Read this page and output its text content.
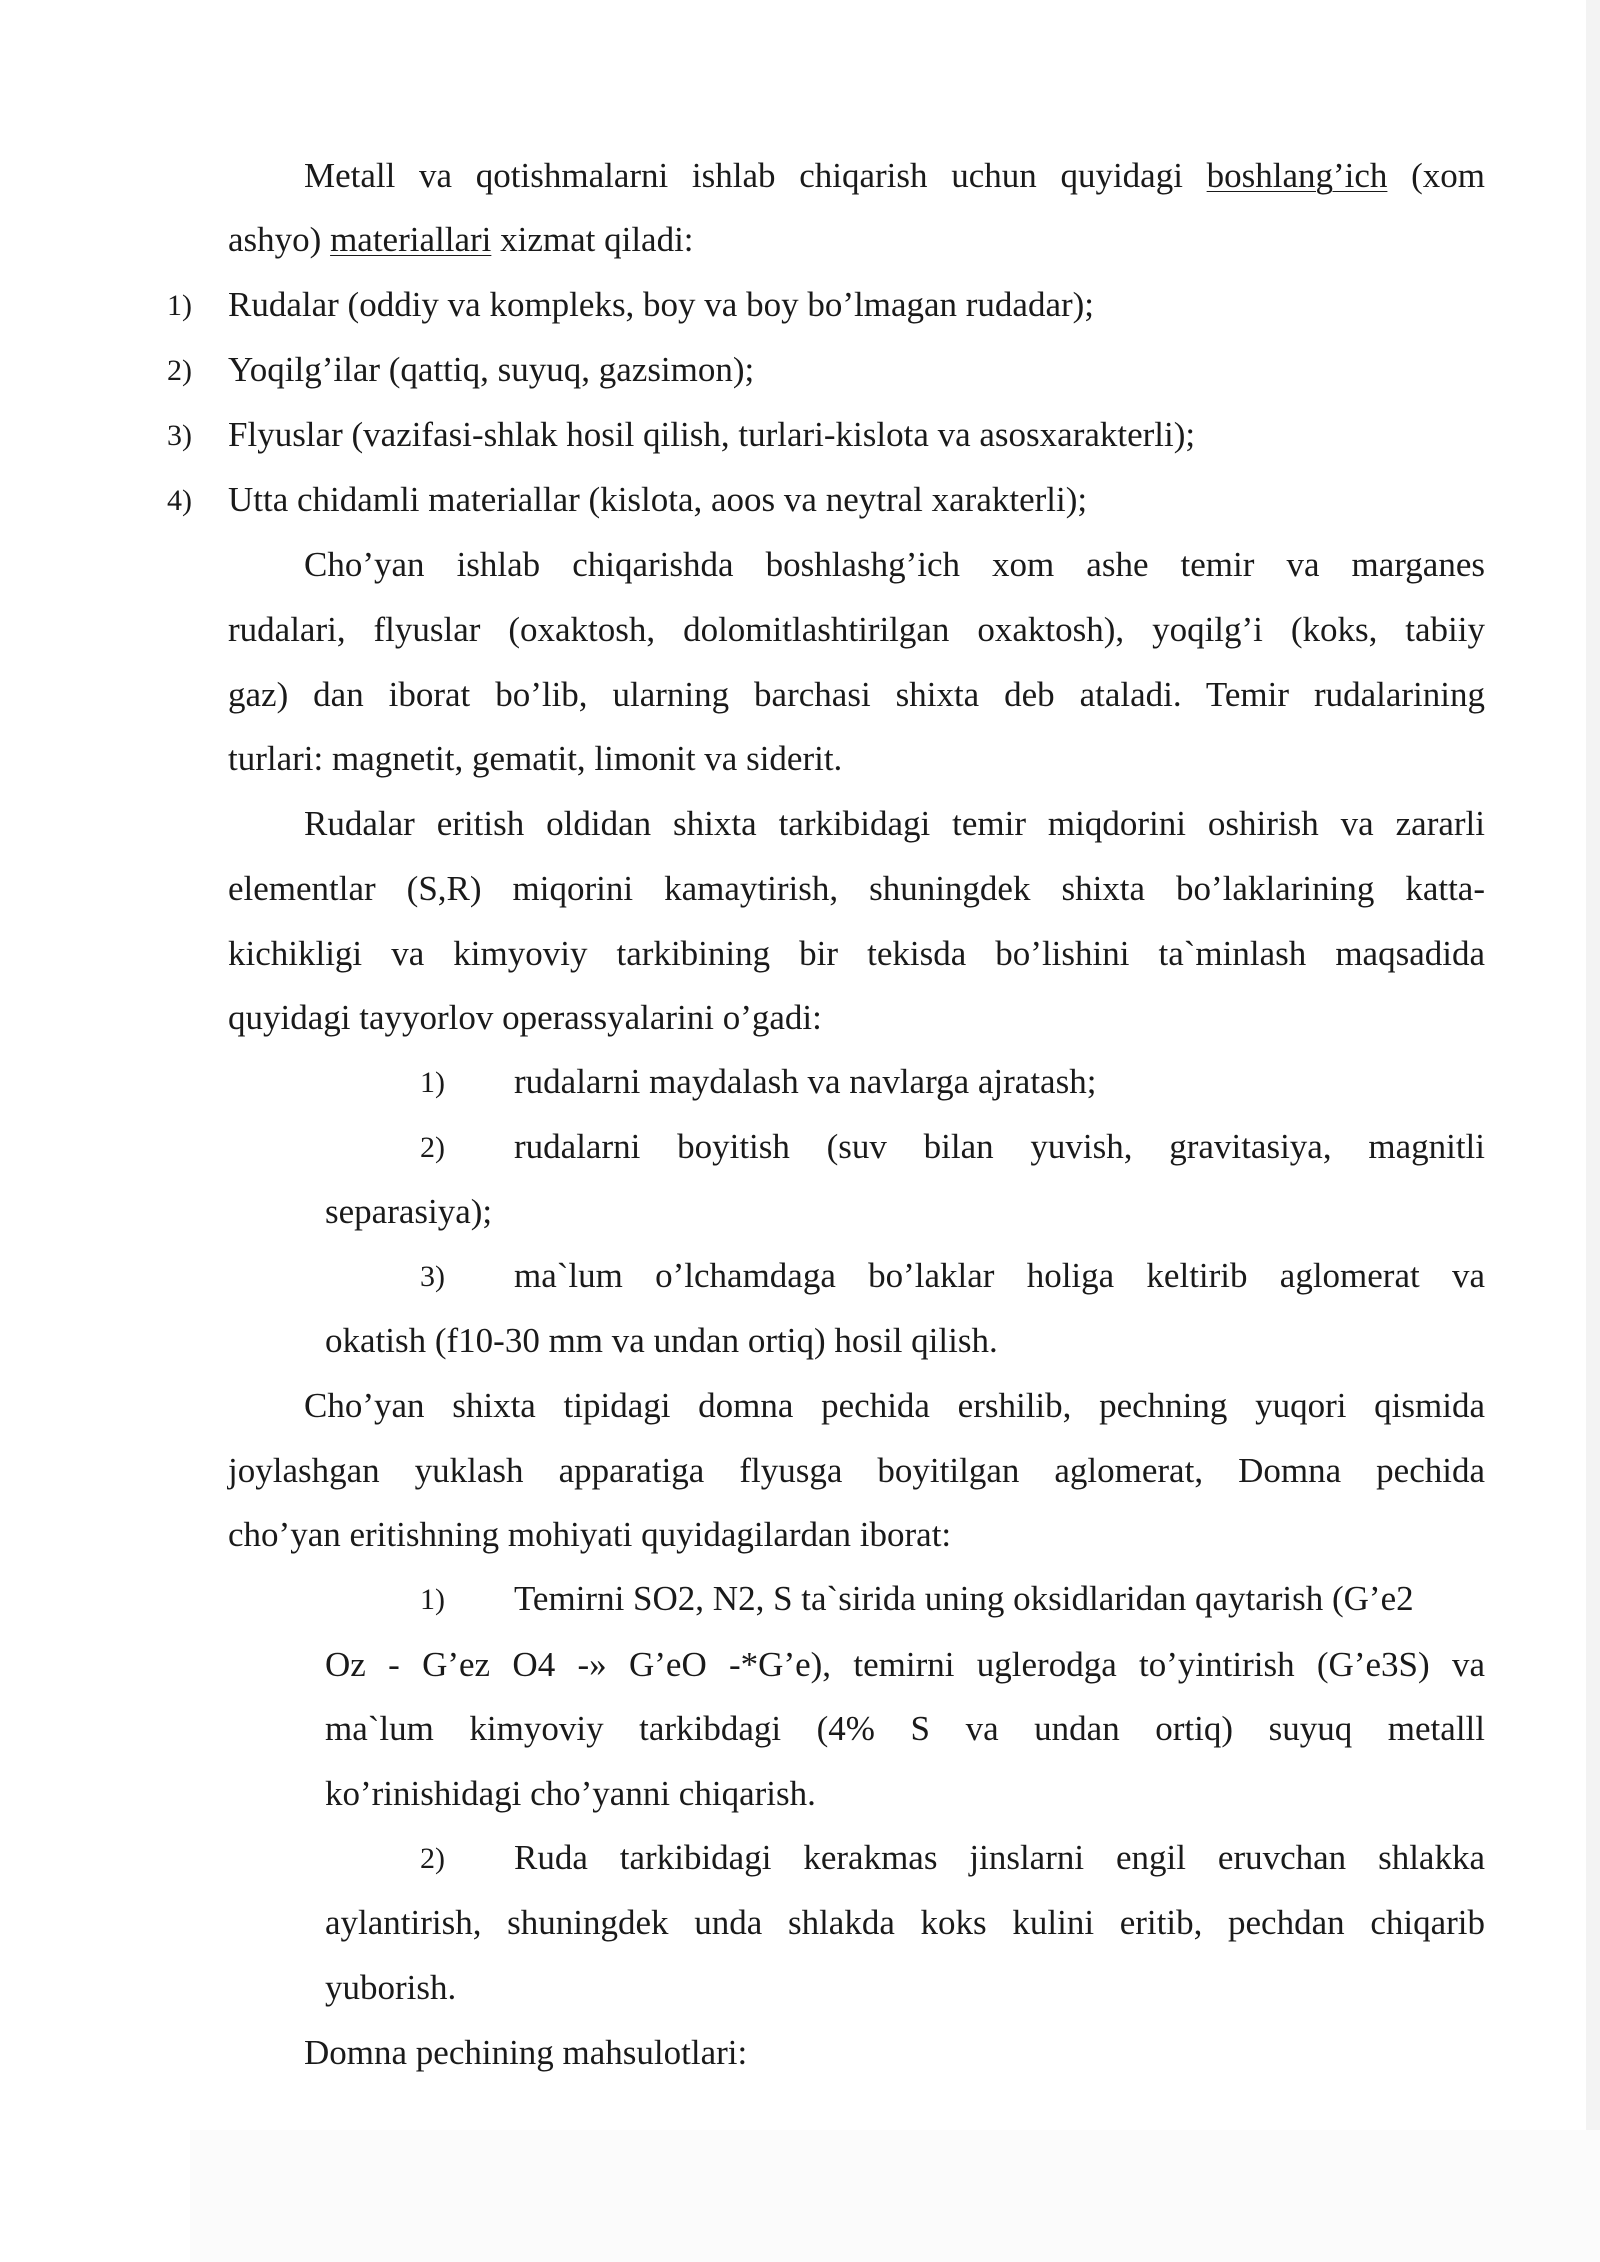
Metall va qotishmalarni ishlab chiqarish uchun quyidagi boshlang’ich (xom
ashyo) materiallari xizmat qiladi:
1) Rudalar (oddiy va kompleks, boy va boy bo’lmagan rudadar);
2) Yoqilg’ilar (qattiq, suyuq, gazsimon);
3) Flyuslar (vazifasi-shlak hosil qilish, turlari-kislota va asosxarakterli);
4) Utta chidamli materiallar (kislota, aoos va neytral xarakterli);
Cho’yan ishlab chiqarishda boshlashg’ich xom ashe temir va marganes
rudalari, flyuslar (oxaktosh, dolomitlashtirilgan oxaktosh), yoqilg’i (koks, tabiiy
gaz) dan iborat bo’lib, ularning barchasi shixta deb ataladi. Temir rudalarining
turlari: magnetit, gematit, limonit va siderit.
Rudalar eritish oldidan shixta tarkibidagi temir miqdorini oshirish va zararli
elementlar (S,R) miqorini kamaytirish, shuningdek shixta bo’laklarining katta-
kichikligi va kimyoviy tarkibining bir tekisda bo’lishini ta`minlash maqsadida
quyidagi tayyorlov operassyalarini o’gadi:
1) rudalarni maydalash va navlarga ajratash;
2) rudalarni boyitish (suv bilan yuvish, gravitasiya, magnitli
separasiya);
3) ma`lum o’lchamdaga bo’laklar holiga keltirib aglomerat va
okatish (f10-30 mm va undan ortiq) hosil qilish.
Cho’yan shixta tipidagi domna pechida ershilib, pechning yuqori qismida
joylashgan yuklash apparatiga flyusga boyitilgan aglomerat, Domna pechida
cho’yan eritishning mohiyati quyidagilardan iborat:
1) Temirni SO2, N2, S ta`sirida uning oksidlaridan qaytarish (G’e2
Oz - G’ez O4 -» G’eO -*G’e), temirni uglerodga to’yintirish (G’e3S) va
ma`lum kimyoviy tarkibdagi (4% S va undan ortiq) suyuq metalll
ko’rinishidagi cho’yanni chiqarish.
2) Ruda tarkibidagi kerakmas jinslarni engil eruvchan shlakka
aylantirish, shuningdek unda shlakda koks kulini eritib, pechdan chiqarib
yuborish.
Domna pechining mahsulotlari:
